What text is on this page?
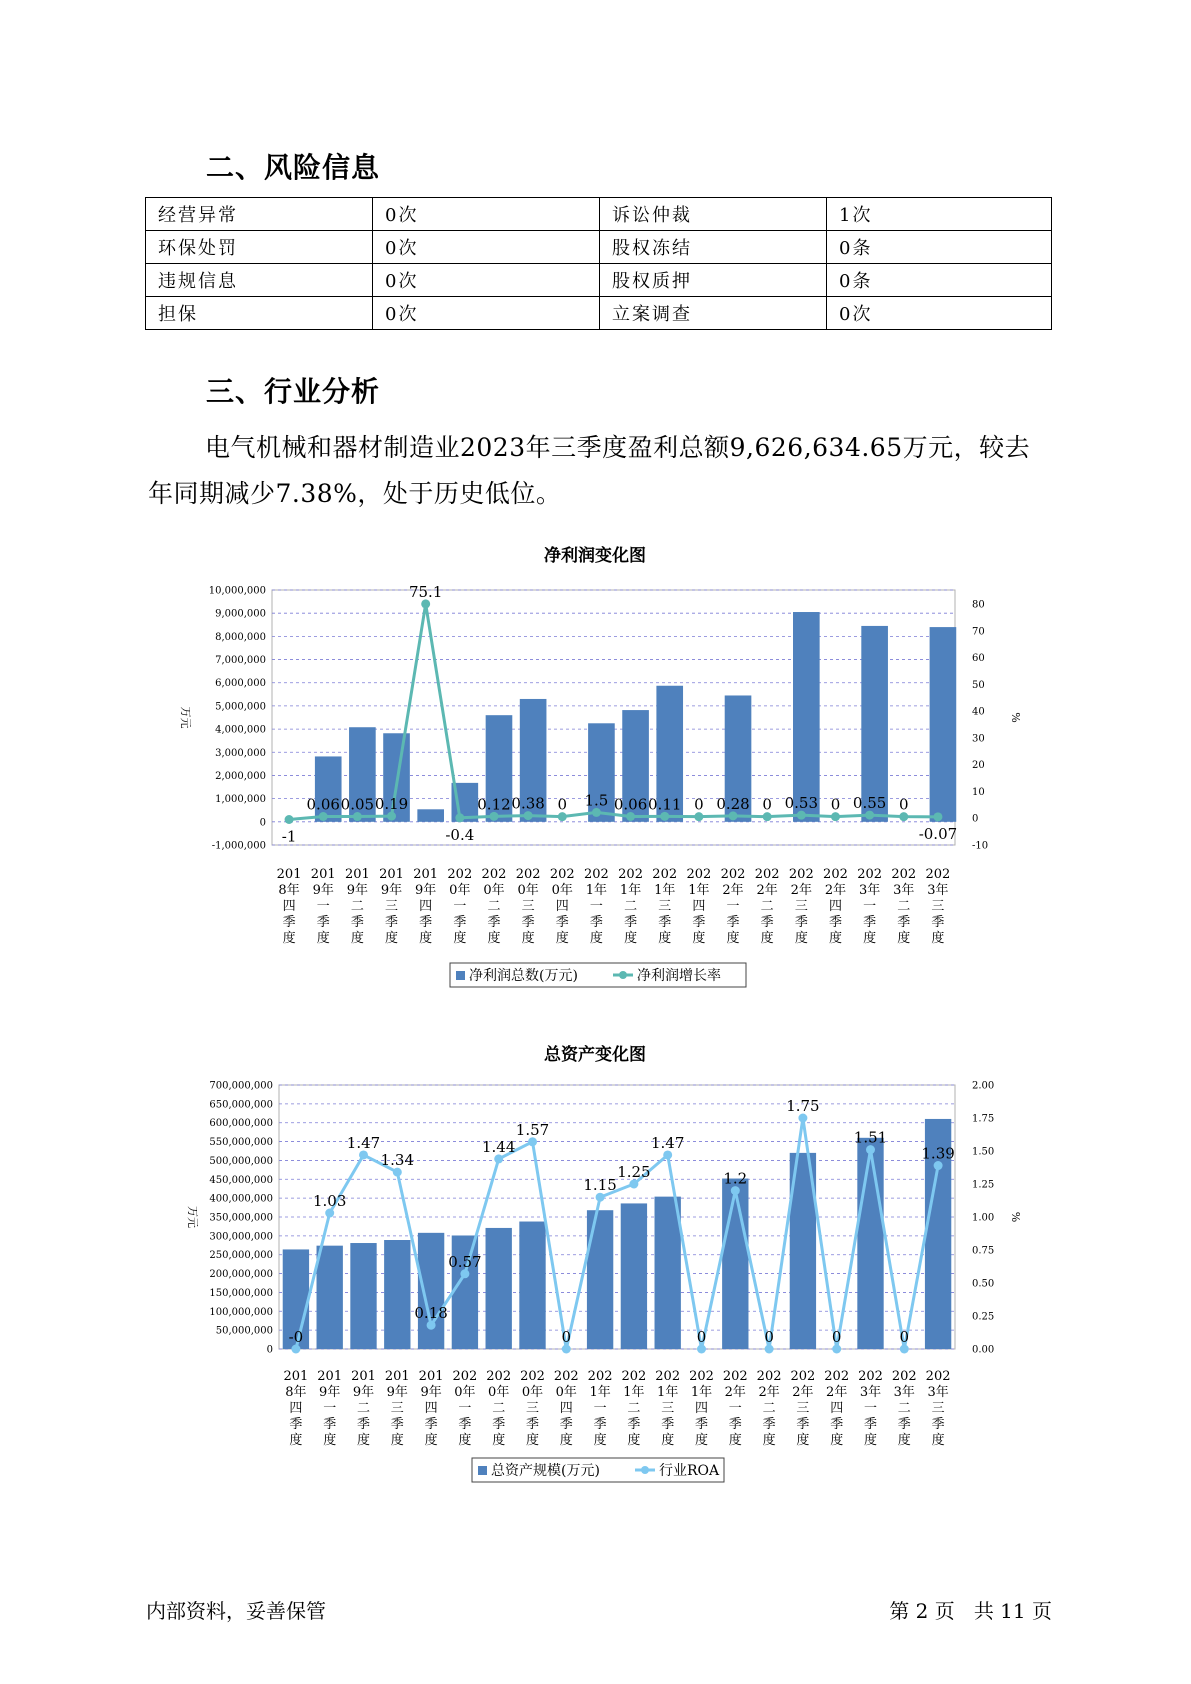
二、风险信息
经营异常	0次	诉讼仲裁	1次
环保处罚	0次	股权冻结	0条
违规信息	0次	股权质押	0条
担保	0次	立案调查	0次
三、行业分析

电气机械和器材制造业2023年三季度盈利总额9,626,634.65万元，较去年同期减少7.38%，处于历史低位。

净利润变化图
10,000,000
9,000,000
8,000,000
7,000,000
6,000,000
5,000,000
4,000,000
3,000,000
2,000,000
1,000,000
0
-1,000,000
80
70
60
50
40
30
20
10
0
-10
万元	%
-1
0.06 0.05 0.19
75.1
-0.4
0.12 0.38 0 1.5 0.06 0.11 0 0.28 0 0.53 0 0.55 0
-0.07
201 8年四季度
201 9年一季度
201 9年二季度
201 9年三季度
201 9年四季度
202 0年一季度
202 0年二季度
202 0年三季度
202 0年四季度
202 1年一季度
202 1年二季度
202 1年三季度
202 1年四季度
202 2年一季度
202 2年二季度
202 2年三季度
202 2年四季度
202 3年一季度
202 3年二季度
202 3年三季度
净利润总数(万元)	净利润增长率
总资产变化图
700,000,000
650,000,000
600,000,000
550,000,000
500,000,000
450,000,000
400,000,000
350,000,000
300,000,000
250,000,000
200,000,000
150,000,000
100,000,000
50,000,000
0
2.00
1.75
1.50
1.25
1.00
0.75
0.50
0.25
0.00
万元	%
-0
1.03
1.47
1.34
0.18
0.57
1.44
1.57
0
1.15
1.25
1.47
0
1.2
0
1.75
0
1.51
0
1.39
201 8年四季度
201 9年一季度
201 9年二季度
201 9年三季度
201 9年四季度
202 0年一季度
202 0年二季度
202 0年三季度
202 0年四季度
202 1年一季度
202 1年二季度
202 1年三季度
202 1年四季度
202 2年一季度
202 2年二季度
202 2年三季度
202 2年四季度
202 3年一季度
202 3年二季度
202 3年三季度
总资产规模(万元)	行业ROA
内部资料，妥善保管	第 2 页   共 11 页
